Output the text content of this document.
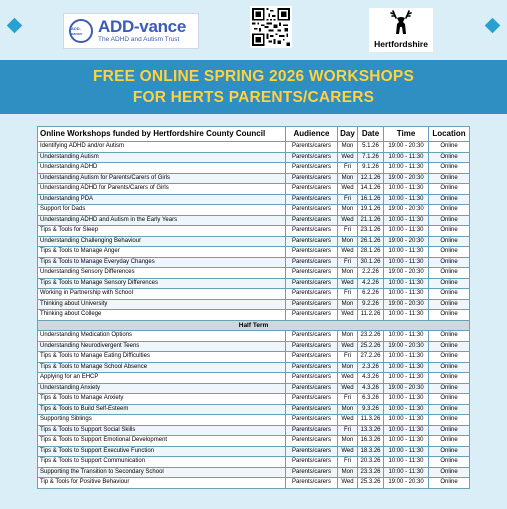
ADD-vance ADD-vance
The ADHD and Autism Trust	Hertfordshire
FREE ONLINE SPRING 2026 WORKSHOPS
FOR HERTS PARENTS/CARERS
Online Workshops funded by Hertfordshire County Council	Audience	Day	Date	Time	Location
Identifying ADHD and/or Autism	Parents/carers	Mon	5.1.26	19:00 - 20:30	Online
Understanding Autism	Parents/carers	Wed	7.1.26	10:00 - 11:30	Online
Understanding ADHD	Parents/carers	Fri	9.1.26	10:00 - 11:30	Online
Understanding Autism for Parents/Carers of Girls	Parents/carers	Mon	12.1.26	19:00 - 20:30	Online
Understanding ADHD for Parents/Carers of Girls	Parents/carers	Wed	14.1.26	10:00 - 11:30	Online
Understanding PDA	Parents/carers	Fri	16.1.26	10:00 - 11:30	Online
Support for Dads	Parents/carers	Mon	19.1.26	19:00 - 20:30	Online
Understanding ADHD and Autism in the Early Years	Parents/carers	Wed	21.1.26	10:00 - 11:30	Online
Tips & Tools for Sleep	Parents/carers	Fri	23.1.26	10:00 - 11:30	Online
Understanding Challenging Behaviour	Parents/carers	Mon	26.1.26	19:00 - 20:30	Online
Tips & Tools to Manage Anger	Parents/carers	Wed	28.1.26	10:00 - 11:30	Online
Tips & Tools to Manage Everyday Changes	Parents/carers	Fri	30.1.26	10:00 - 11:30	Online
Understanding Sensory Differences	Parents/carers	Mon	2.2.26	19:00 - 20:30	Online
Tips & Tools to Manage Sensory Differences	Parents/carers	Wed	4.2.26	10:00 - 11:30	Online
Working in Partnership with School	Parents/carers	Fri	6.2.26	10:00 - 11:30	Online
Thinking about University	Parents/carers	Mon	9.2.26	19:00 - 20:30	Online
Thinking about College	Parents/carers	Wed	11.2.26	10:00 - 11:30	Online
Half Term					
Understanding Medication Options	Parents/carers	Mon	23.2.26	10:00 - 11:30	Online
Understanding Neurodivergent Teens	Parents/carers	Wed	25.2.26	19:00 - 20:30	Online
Tips & Tools to Manage Eating Difficulties	Parents/carers	Fri	27.2.26	10:00 - 11:30	Online
Tips & Tools to Manage School Absence	Parents/carers	Mon	2.3.26	10:00 - 11:30	Online
Applying for an EHCP	Parents/carers	Wed	4.3.26	10:00 - 11:30	Online
Understanding Anxiety	Parents/carers	Wed	4.3.26	19:00 - 20:30	Online
Tips & Tools to Manage Anxiety	Parents/carers	Fri	6.3.26	10:00 - 11:30	Online
Tips & Tools to Build Self-Esteem	Parents/carers	Mon	9.3.26	10:00 - 11:30	Online
Supporting Siblings	Parents/carers	Wed	11.3.26	10:00 - 11:30	Online
Tips & Tools to Support Social Skills	Parents/carers	Fri	13.3.26	10:00 - 11:30	Online
Tips & Tools to Support Emotional Development	Parents/carers	Mon	16.3.26	10:00 - 11:30	Online
Tips & Tools to Support Executive Function	Parents/carers	Wed	18.3.26	10:00 - 11:30	Online
Tips & Tools to Support Communication	Parents/carers	Fri	20.3.26	10:00 - 11:30	Online
Supporting the Transition to Secondary School	Parents/carers	Mon	23.3.26	10:00 - 11:30	Online
Tip & Tools for Positive Behaviour	Parents/carers	Wed	25.3.26	19:00 - 20:30	Online
